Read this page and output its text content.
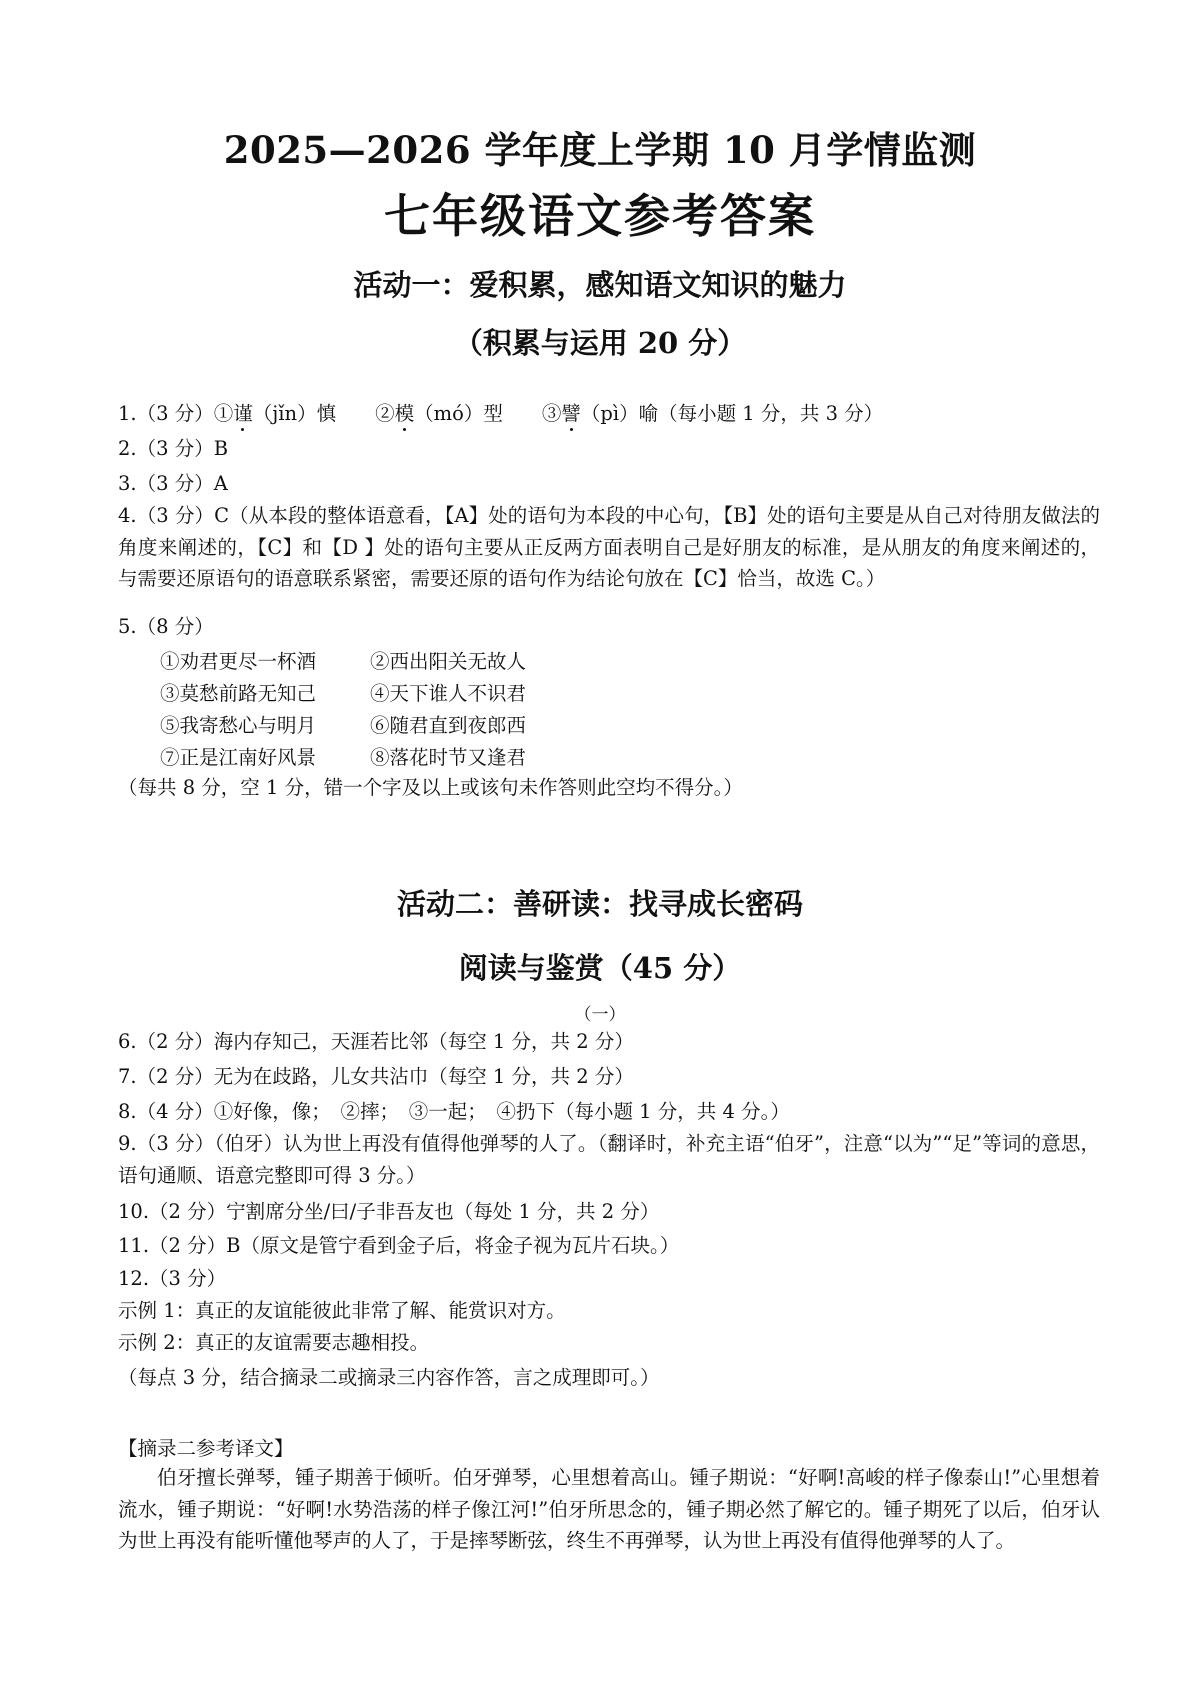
2025—2026 学年度上学期 10 月学情监测
七年级语文参考答案
活动一：爱积累，感知语文知识的魅力
（积累与运用 20 分）
1.（3 分）①谨（jǐn）慎　　②模（mó）型　　③譬（pì）喻（每小题 1 分，共 3 分）
2.（3 分）B
3.（3 分）A
4.（3 分）C（从本段的整体语意看，【A】处的语句为本段的中心句，【B】处的语句主要是从自己对待朋友做法的角度来阐述的，【C】和【D 】处的语句主要从正反两方面表明自己是好朋友的标准，是从朋友的角度来阐述的，与需要还原语句的语意联系紧密，需要还原的语句作为结论句放在【C】恰当，故选 C。）
5.（8 分）
①劝君更尽一杯酒	②西出阳关无故人
③莫愁前路无知己	④天下谁人不识君
⑤我寄愁心与明月	⑥随君直到夜郎西
⑦正是江南好风景	⑧落花时节又逢君
（每共 8 分，空 1 分，错一个字及以上或该句未作答则此空均不得分。）
活动二：善研读：找寻成长密码
阅读与鉴赏（45 分）
（一）
6.（2 分）海内存知己，天涯若比邻（每空 1 分，共 2 分）
7.（2 分）无为在歧路，儿女共沾巾（每空 1 分，共 2 分）
8.（4 分）①好像，像；　②摔；　③一起；　④扔下（每小题 1 分，共 4 分。）
9.（3 分）（伯牙）认为世上再没有值得他弹琴的人了。（翻译时，补充主语“伯牙”，注意“以为”“足”等词的意思，语句通顺、语意完整即可得 3 分。）
10.（2 分）宁割席分坐/曰/子非吾友也（每处 1 分，共 2 分）
11.（2 分）B（原文是管宁看到金子后，将金子视为瓦片石块。）
12.（3 分）
示例 1：真正的友谊能彼此非常了解、能赏识对方。
示例 2：真正的友谊需要志趣相投。
（每点 3 分，结合摘录二或摘录三内容作答，言之成理即可。）
【摘录二参考译文】
伯牙擅长弹琴，锺子期善于倾听。伯牙弹琴，心里想着高山。锺子期说：“好啊!高峻的样子像泰山!”心里想着流水，锺子期说：“好啊!水势浩荡的样子像江河!”伯牙所思念的，锺子期必然了解它的。锺子期死了以后，伯牙认为世上再没有能听懂他琴声的人了，于是摔琴断弦，终生不再弹琴，认为世上再没有值得他弹琴的人了。
